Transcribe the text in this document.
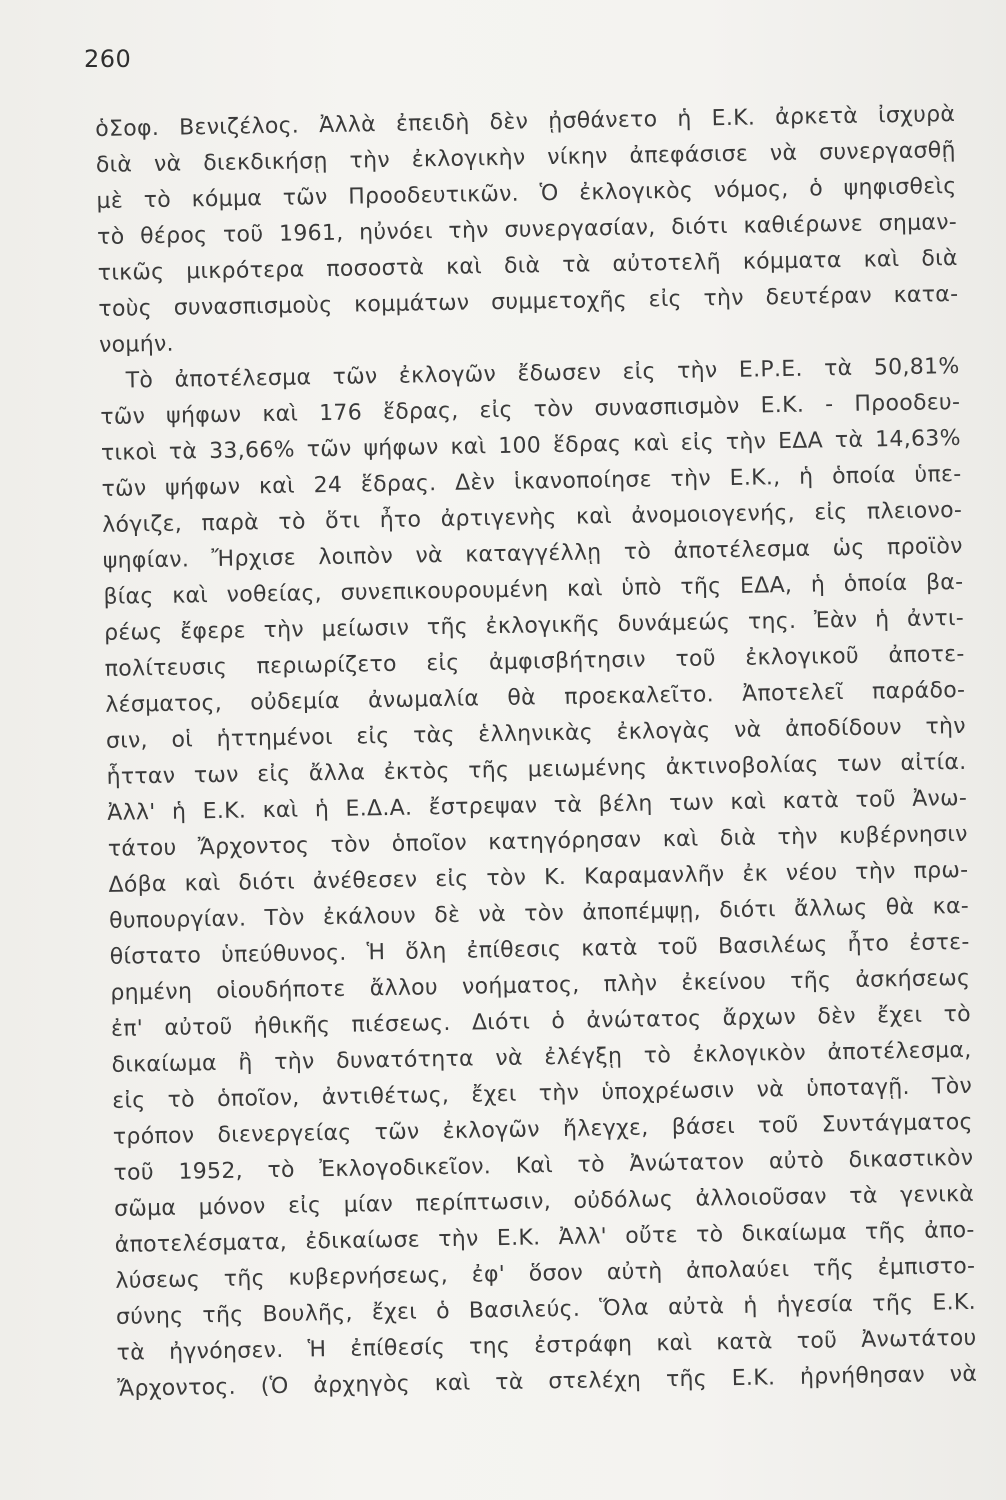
260
ὁΣοφ. Βενιζέλος. Ἀλλὰ ἐπειδὴ δὲν ᾐσθάνετο ἡ Ε.Κ. ἀρκετὰ ἰσχυρὰ
διὰ νὰ διεκδικήσῃ τὴν ἐκλογικὴν νίκην ἀπεφάσισε νὰ συνεργασθῇ
μὲ τὸ κόμμα τῶν Προοδευτικῶν. Ὁ ἐκλογικὸς νόμος, ὁ ψηφισθεὶς
τὸ θέρος τοῦ 1961, ηὐνόει τὴν συνεργασίαν, διότι καθιέρωνε σημαν-
τικῶς μικρότερα ποσοστὰ καὶ διὰ τὰ αὐτοτελῆ κόμματα καὶ διὰ
τοὺς συνασπισμοὺς κομμάτων συμμετοχῆς εἰς τὴν δευτέραν κατα-
νομήν.
Τὸ ἀποτέλεσμα τῶν ἐκλογῶν ἔδωσεν εἰς τὴν Ε.Ρ.Ε. τὰ 50,81%
τῶν ψήφων καὶ 176 ἕδρας, εἰς τὸν συνασπισμὸν Ε.Κ. - Προοδευ-
τικοὶ τὰ 33,66% τῶν ψήφων καὶ 100 ἕδρας καὶ εἰς τὴν ΕΔΑ τὰ 14,63%
τῶν ψήφων καὶ 24 ἕδρας. Δὲν ἱκανοποίησε τὴν Ε.Κ., ἡ ὁποία ὑπε-
λόγιζε, παρὰ τὸ ὅτι ἦτο ἀρτιγενὴς καὶ ἀνομοιογενής, εἰς πλειονο-
ψηφίαν. Ἤρχισε λοιπὸν νὰ καταγγέλλῃ τὸ ἀποτέλεσμα ὡς προϊὸν
βίας καὶ νοθείας, συνεπικουρουμένη καὶ ὑπὸ τῆς ΕΔΑ, ἡ ὁποία βα-
ρέως ἔφερε τὴν μείωσιν τῆς ἐκλογικῆς δυνάμεώς της. Ἐὰν ἡ ἀντι-
πολίτευσις περιωρίζετο εἰς ἀμφισβήτησιν τοῦ ἐκλογικοῦ ἀποτε-
λέσματος, οὐδεμία ἀνωμαλία θὰ προεκαλεῖτο. Ἀποτελεῖ παράδο-
σιν, οἱ ἡττημένοι εἰς τὰς ἑλληνικὰς ἐκλογὰς νὰ ἀποδίδουν τὴν
ἧτταν των εἰς ἄλλα ἐκτὸς τῆς μειωμένης ἀκτινοβολίας των αἰτία.
Ἀλλ' ἡ Ε.Κ. καὶ ἡ Ε.Δ.Α. ἔστρεψαν τὰ βέλη των καὶ κατὰ τοῦ Ἀνω-
τάτου Ἄρχοντος τὸν ὁποῖον κατηγόρησαν καὶ διὰ τὴν κυβέρνησιν
Δόβα καὶ διότι ἀνέθεσεν εἰς τὸν Κ. Καραμανλῆν ἐκ νέου τὴν πρω-
θυπουργίαν. Τὸν ἐκάλουν δὲ νὰ τὸν ἀποπέμψῃ, διότι ἄλλως θὰ κα-
θίστατο ὑπεύθυνος. Ἡ ὅλη ἐπίθεσις κατὰ τοῦ Βασιλέως ἦτο ἐστε-
ρημένη οἱουδήποτε ἄλλου νοήματος, πλὴν ἐκείνου τῆς ἀσκήσεως
ἐπ' αὐτοῦ ἠθικῆς πιέσεως. Διότι ὁ ἀνώτατος ἄρχων δὲν ἔχει τὸ
δικαίωμα ἢ τὴν δυνατότητα νὰ ἐλέγξῃ τὸ ἐκλογικὸν ἀποτέλεσμα,
εἰς τὸ ὁποῖον, ἀντιθέτως, ἔχει τὴν ὑποχρέωσιν νὰ ὑποταγῇ. Τὸν
τρόπον διενεργείας τῶν ἐκλογῶν ἤλεγχε, βάσει τοῦ Συντάγματος
τοῦ 1952, τὸ Ἐκλογοδικεῖον. Καὶ τὸ Ἀνώτατον αὐτὸ δικαστικὸν
σῶμα μόνον εἰς μίαν περίπτωσιν, οὐδόλως ἀλλοιοῦσαν τὰ γενικὰ
ἀποτελέσματα, ἐδικαίωσε τὴν Ε.Κ. Ἀλλ' οὔτε τὸ δικαίωμα τῆς ἀπο-
λύσεως τῆς κυβερνήσεως, ἐφ' ὅσον αὐτὴ ἀπολαύει τῆς ἐμπιστο-
σύνης τῆς Βουλῆς, ἔχει ὁ Βασιλεύς. Ὅλα αὐτὰ ἡ ἡγεσία τῆς Ε.Κ.
τὰ ἠγνόησεν. Ἡ ἐπίθεσίς της ἐστράφη καὶ κατὰ τοῦ Ἀνωτάτου
Ἄρχοντος. (Ὁ ἀρχηγὸς καὶ τὰ στελέχη τῆς Ε.Κ. ἠρνήθησαν νὰ
